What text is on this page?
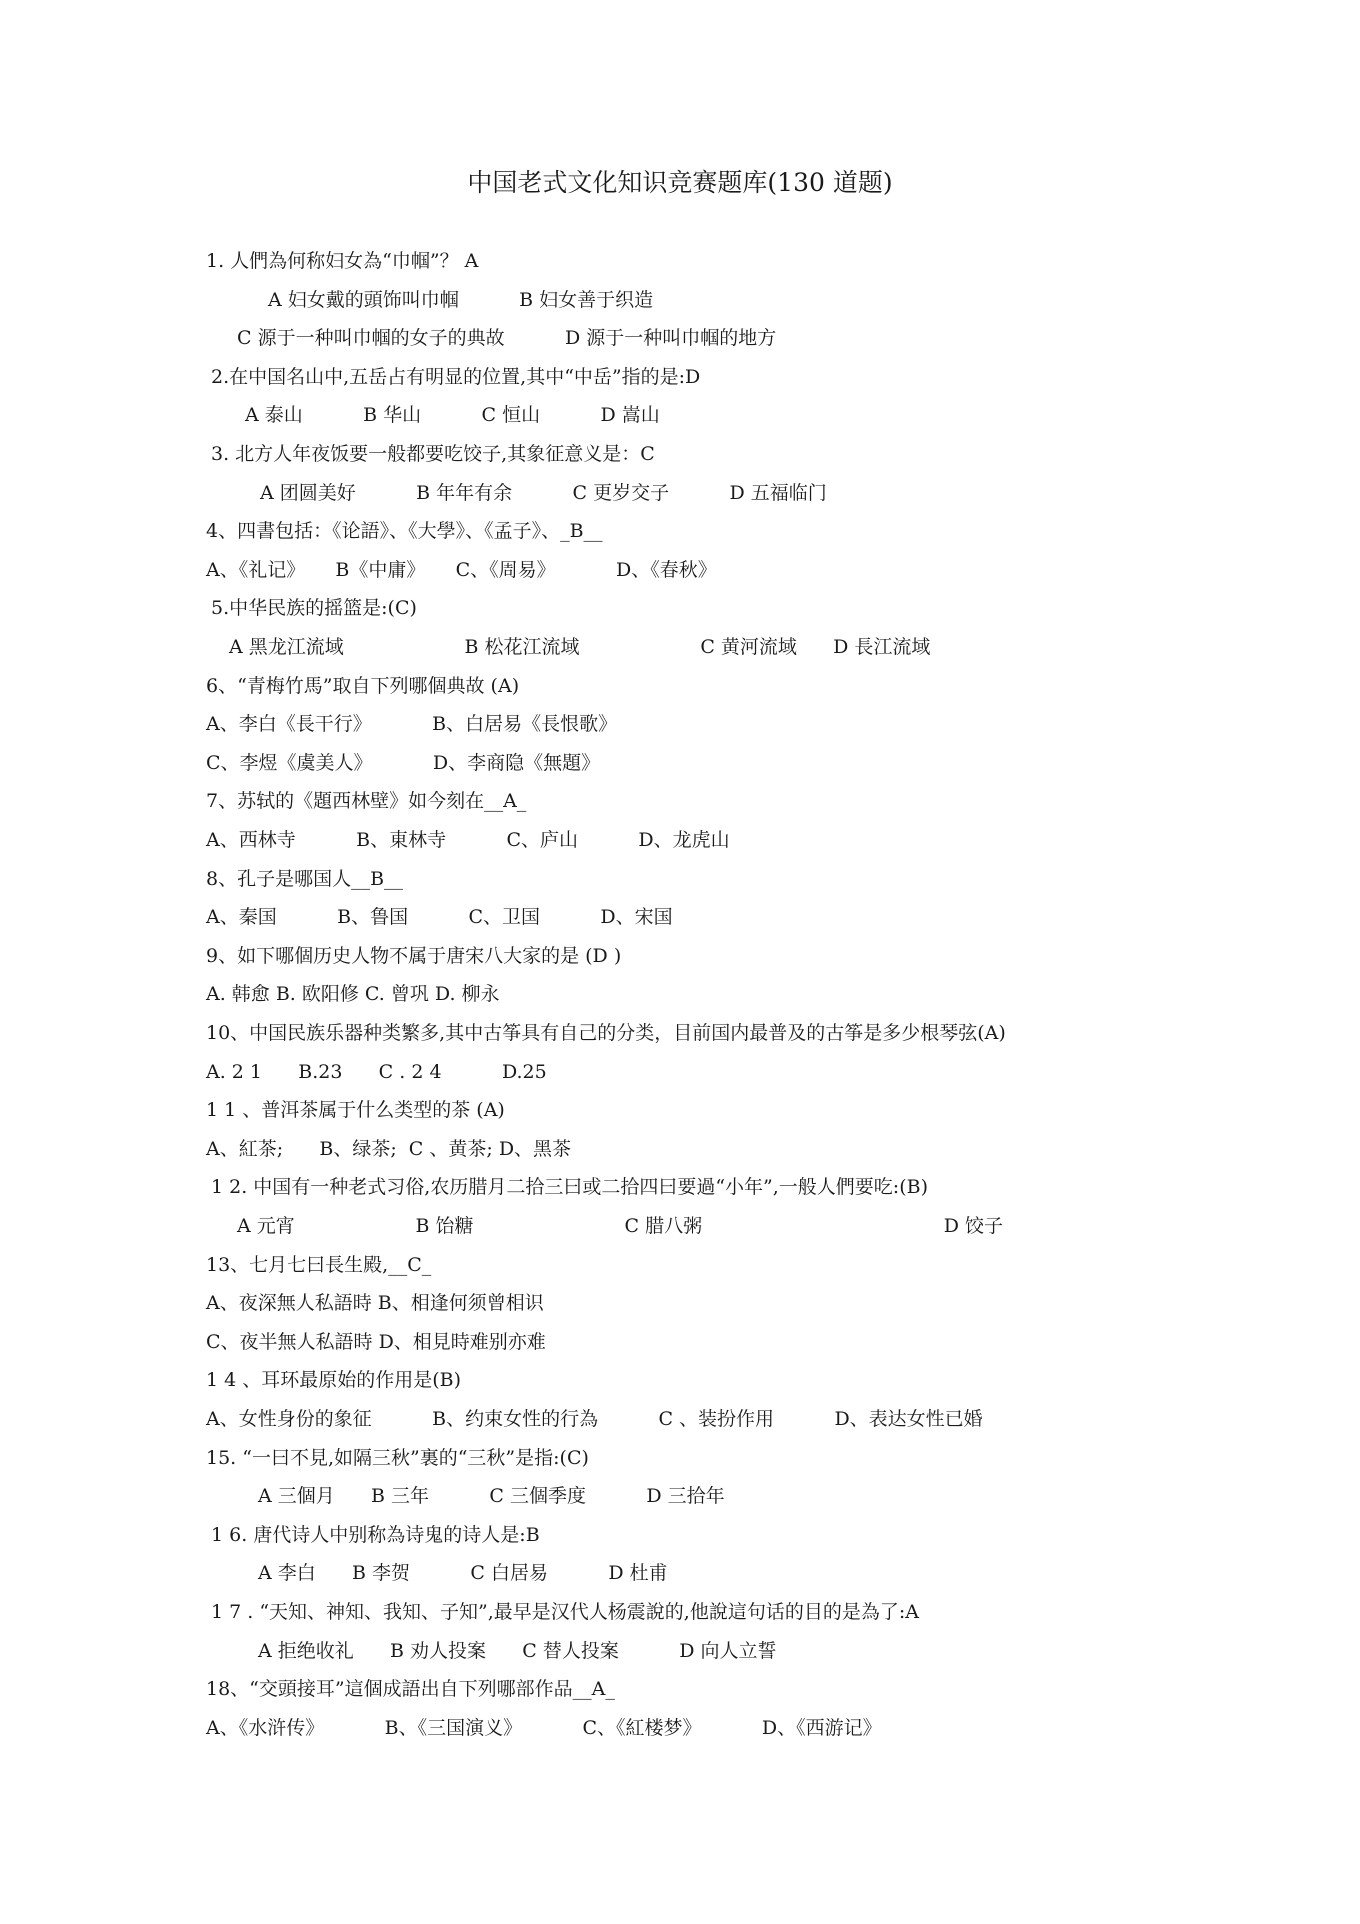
中国老式文化知识竞赛题库(130 道题)
1. 人們為何称妇女為“巾帼”？ A
A 妇女戴的頭饰叫巾帼          B 妇女善于织造
C 源于一种叫巾帼的女子的典故          D 源于一种叫巾帼的地方
2.在中国名山中,五岳占有明显的位置,其中“中岳”指的是:D
A 泰山          B 华山          C 恒山          D 嵩山
3. 北方人年夜饭要一般都要吃饺子,其象征意义是：C
A 团圆美好          B 年年有余          C 更岁交子          D 五福临门
4、四書包括：《论語》、《大學》、《孟子》、_B__
A、《礼记》     B《中庸》     C、《周易》          D、《春秋》
5.中华民族的摇篮是:(C)
A 黑龙江流域                    B 松花江流域                    C 黄河流域      D 長江流域
6、“青梅竹馬”取自下列哪個典故 (A)
A、李白《長干行》          B、白居易《長恨歌》
C、李煜《虞美人》          D、李商隐《無題》
7、苏轼的《題西林壁》如今刻在__A_
A、西林寺          B、東林寺          C、庐山          D、龙虎山
8、孔子是哪国人__B__
A、秦国          B、鲁国          C、卫国          D、宋国
9、如下哪個历史人物不属于唐宋八大家的是 (D )
A. 韩愈 B. 欧阳修 C. 曾巩 D. 柳永
10、中国民族乐器种类繁多,其中古筝具有自己的分类，目前国内最普及的古筝是多少根琴弦(A)
A. 2 1      B.23      C . 2 4          D.25
1 1 、普洱茶属于什么类型的茶 (A)
A、紅茶;      B、绿茶;  C 、黄茶; D、黑茶
1 2. 中国有一种老式习俗,农历腊月二拾三曰或二拾四曰要過“小年”,一般人們要吃:(B)
A 元宵                    B 饴糖                         C 腊八粥                                        D 饺子
13、七月七曰長生殿,__C_
A、夜深無人私語時 B、相逢何须曾相识
C、夜半無人私語時 D、相見時难别亦难
1 4 、耳环最原始的作用是(B)
A、女性身份的象征          B、约束女性的行為          C 、装扮作用          D、表达女性已婚
15. “一曰不見,如隔三秋”裏的“三秋”是指:(C)
A 三個月      B 三年          C 三個季度          D 三拾年
1 6. 唐代诗人中别称為诗鬼的诗人是:B
A 李白      B 李贺          C 白居易          D 杜甫
1 7 . “天知、神知、我知、子知”,最早是汉代人杨震說的,他說這句话的目的是為了:A
A 拒绝收礼      B 劝人投案      C 替人投案          D 向人立誓
18、“交頭接耳”這個成語出自下列哪部作品__A_
A、《水浒传》          B、《三国演义》          C、《紅楼梦》          D、《西游记》
